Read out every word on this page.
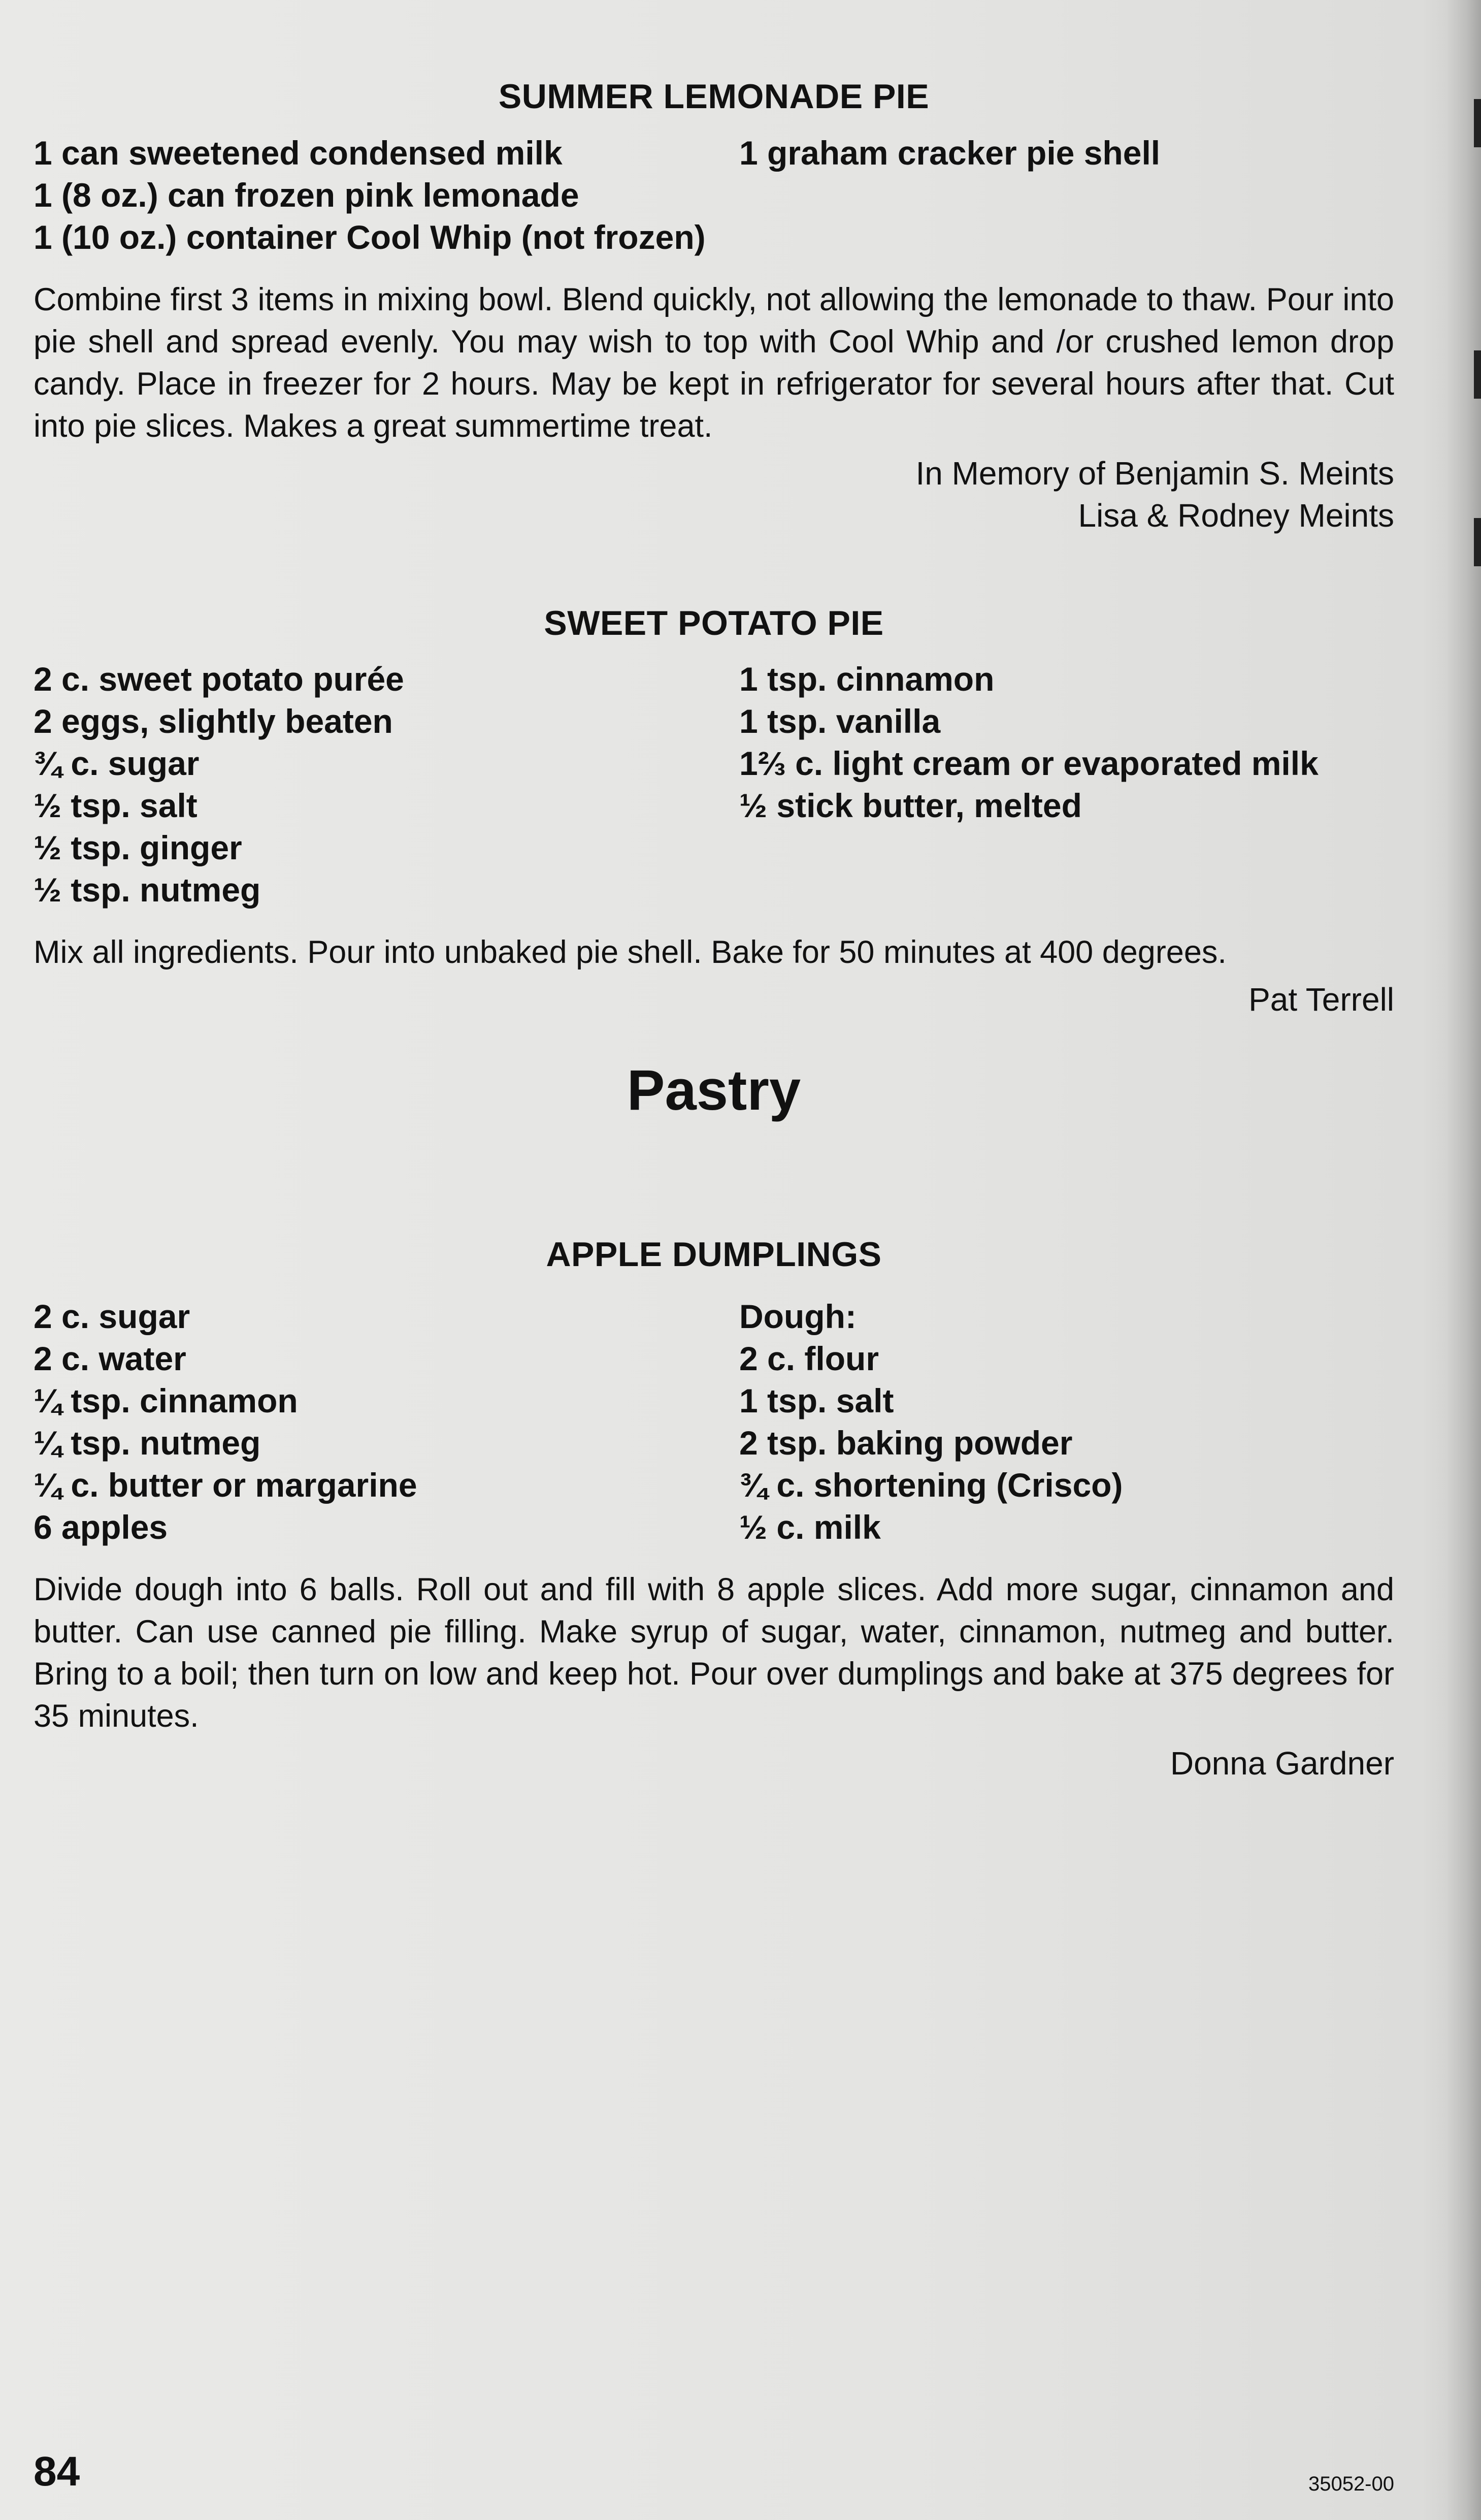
SUMMER LEMONADE PIE

1 can sweetened condensed milk

1 (8 oz.) can frozen pink lemonade

1 (10 oz.) container Cool Whip (not frozen)

1 graham cracker pie shell

Combine first 3 items in mixing bowl. Blend quickly, not allowing the lemonade to thaw. Pour into pie shell and spread evenly. You may wish to top with Cool Whip and /or crushed lemon drop candy. Place in freezer for 2 hours. May be kept in refrigerator for several hours after that. Cut into pie slices. Makes a great summertime treat.

In Memory of Benjamin S. Meints

Lisa & Rodney Meints

SWEET POTATO PIE

2 c. sweet potato purée

2 eggs, slightly beaten

¾ c. sugar

½ tsp. salt

½ tsp. ginger

½ tsp. nutmeg

1 tsp. cinnamon

1 tsp. vanilla

1⅔ c. light cream or evaporated milk

½ stick butter, melted

Mix all ingredients. Pour into unbaked pie shell. Bake for 50 minutes at 400 degrees.

Pat Terrell

Pastry
APPLE DUMPLINGS

2 c. sugar

2 c. water

¼ tsp. cinnamon

¼ tsp. nutmeg

¼ c. butter or margarine

6 apples

Dough:

2 c. flour

1 tsp. salt

2 tsp. baking powder

¾ c. shortening (Crisco)

½ c. milk

Divide dough into 6 balls. Roll out and fill with 8 apple slices. Add more sugar, cinnamon and butter. Can use canned pie filling. Make syrup of sugar, water, cinnamon, nutmeg and butter. Bring to a boil; then turn on low and keep hot. Pour over dumplings and bake at 375 degrees for 35 minutes.

Donna Gardner

84	35052-00
